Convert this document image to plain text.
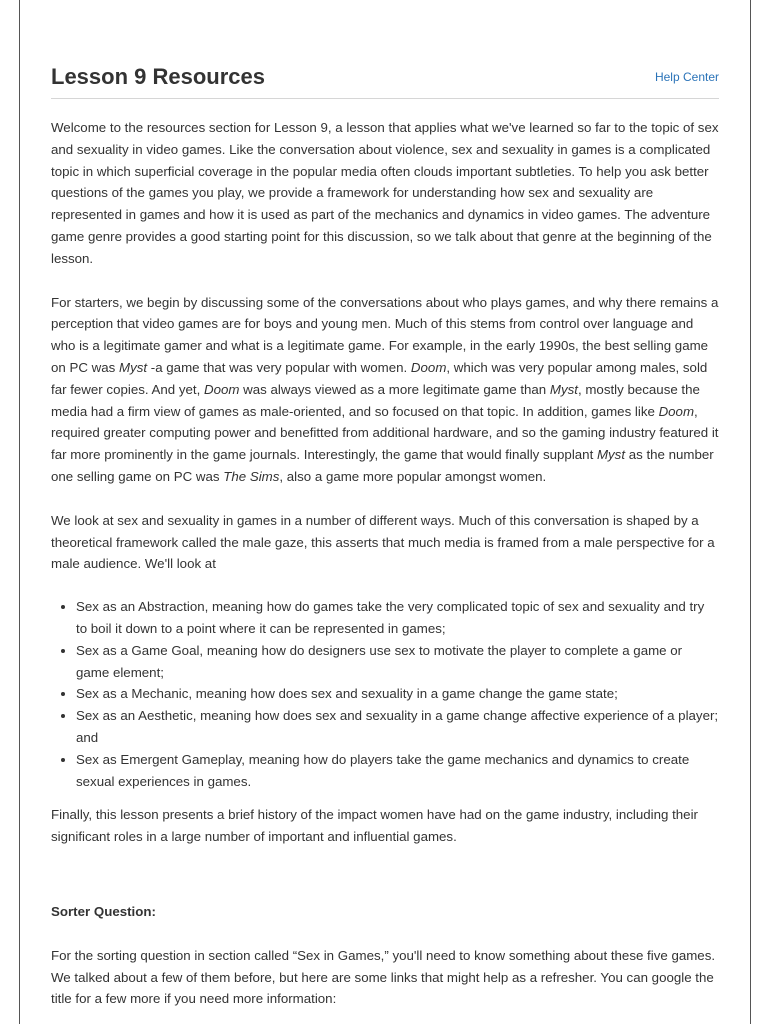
Lesson 9 Resources	Help Center

Welcome to the resources section for Lesson 9, a lesson that applies what we've learned so far to the topic of sex and sexuality in video games. Like the conversation about violence, sex and sexuality in games is a complicated topic in which superficial coverage in the popular media often clouds important subtleties. To help you ask better questions of the games you play, we provide a framework for understanding how sex and sexuality are represented in games and how it is used as part of the mechanics and dynamics in video games. The adventure game genre provides a good starting point for this discussion, so we talk about that genre at the beginning of the lesson.

For starters, we begin by discussing some of the conversations about who plays games, and why there remains a perception that video games are for boys and young men. Much of this stems from control over language and who is a legitimate gamer and what is a legitimate game. For example, in the early 1990s, the best selling game on PC was Myst -a game that was very popular with women. Doom, which was very popular among males, sold far fewer copies. And yet, Doom was always viewed as a more legitimate game than Myst, mostly because the media had a firm view of games as male-oriented, and so focused on that topic. In addition, games like Doom, required greater computing power and benefitted from additional hardware, and so the gaming industry featured it far more prominently in the game journals. Interestingly, the game that would finally supplant Myst as the number one selling game on PC was The Sims, also a game more popular amongst women.

We look at sex and sexuality in games in a number of different ways. Much of this conversation is shaped by a theoretical framework called the male gaze, this asserts that much media is framed from a male perspective for a male audience. We'll look at

• Sex as an Abstraction, meaning how do games take the very complicated topic of sex and sexuality and try to boil it down to a point where it can be represented in games;
• Sex as a Game Goal, meaning how do designers use sex to motivate the player to complete a game or game element;
• Sex as a Mechanic, meaning how does sex and sexuality in a game change the game state;
• Sex as an Aesthetic, meaning how does sex and sexuality in a game change affective experience of a player; and
• Sex as Emergent Gameplay, meaning how do players take the game mechanics and dynamics to create sexual experiences in games.

Finally, this lesson presents a brief history of the impact women have had on the game industry, including their significant roles in a large number of important and influential games.

Sorter Question:

For the sorting question in section called “Sex in Games,” you'll need to know something about these five games. We talked about a few of them before, but here are some links that might help as a refresher. You can google the title for a few more if you need more information:
